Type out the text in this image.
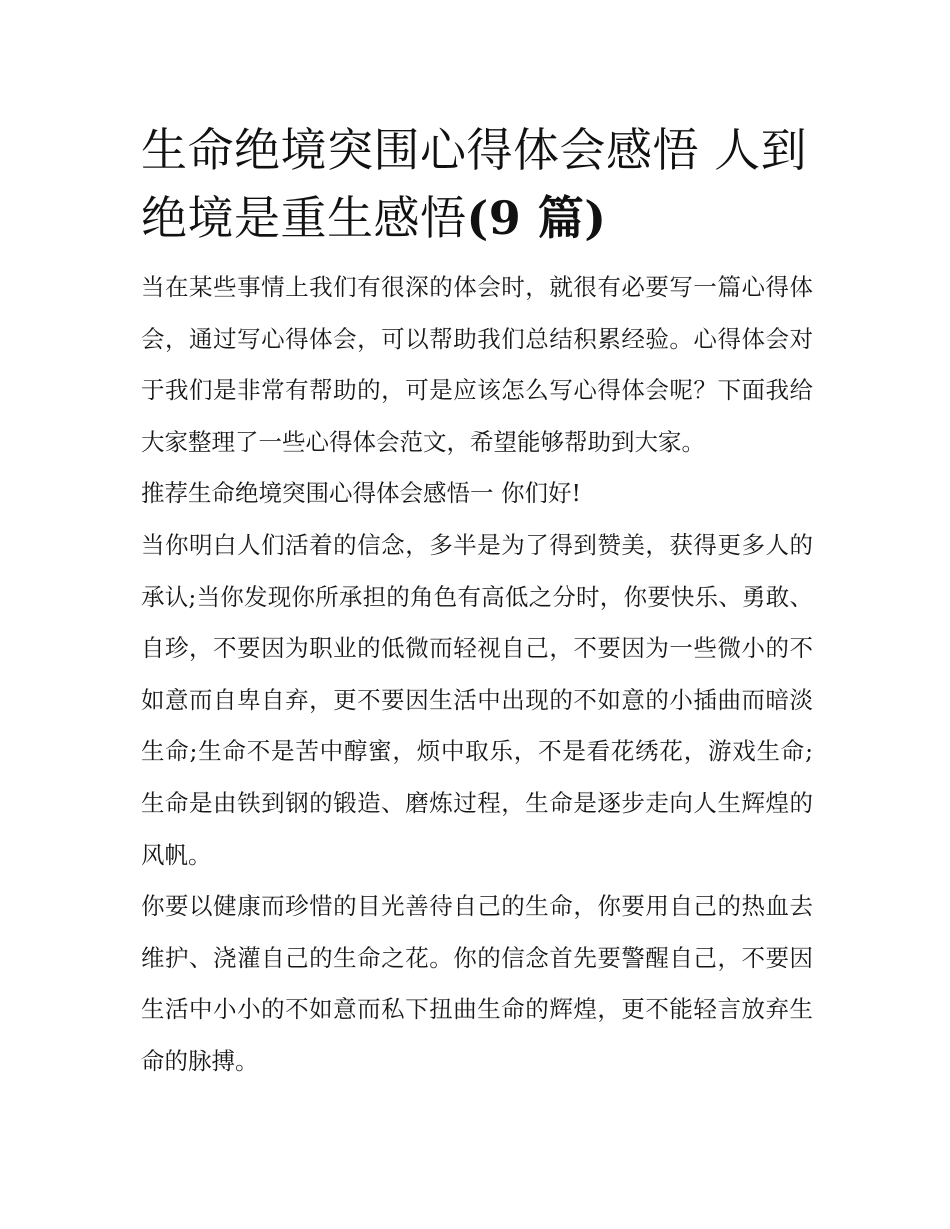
生命绝境突围心得体会感悟 人到绝境是重生感悟(9 篇)

当在某些事情上我们有很深的体会时，就很有必要写一篇心得体会，通过写心得体会，可以帮助我们总结积累经验。心得体会对于我们是非常有帮助的，可是应该怎么写心得体会呢？下面我给大家整理了一些心得体会范文，希望能够帮助到大家。

推荐生命绝境突围心得体会感悟一 你们好!

当你明白人们活着的信念，多半是为了得到赞美，获得更多人的承认;当你发现你所承担的角色有高低之分时，你要快乐、勇敢、自珍，不要因为职业的低微而轻视自己，不要因为一些微小的不如意而自卑自弃，更不要因生活中出现的不如意的小插曲而暗淡生命;生命不是苦中醇蜜，烦中取乐，不是看花绣花，游戏生命;生命是由铁到钢的锻造、磨炼过程，生命是逐步走向人生辉煌的风帆。

你要以健康而珍惜的目光善待自己的生命，你要用自己的热血去维护、浇灌自己的生命之花。你的信念首先要警醒自己，不要因生活中小小的不如意而私下扭曲生命的辉煌，更不能轻言放弃生命的脉搏。
